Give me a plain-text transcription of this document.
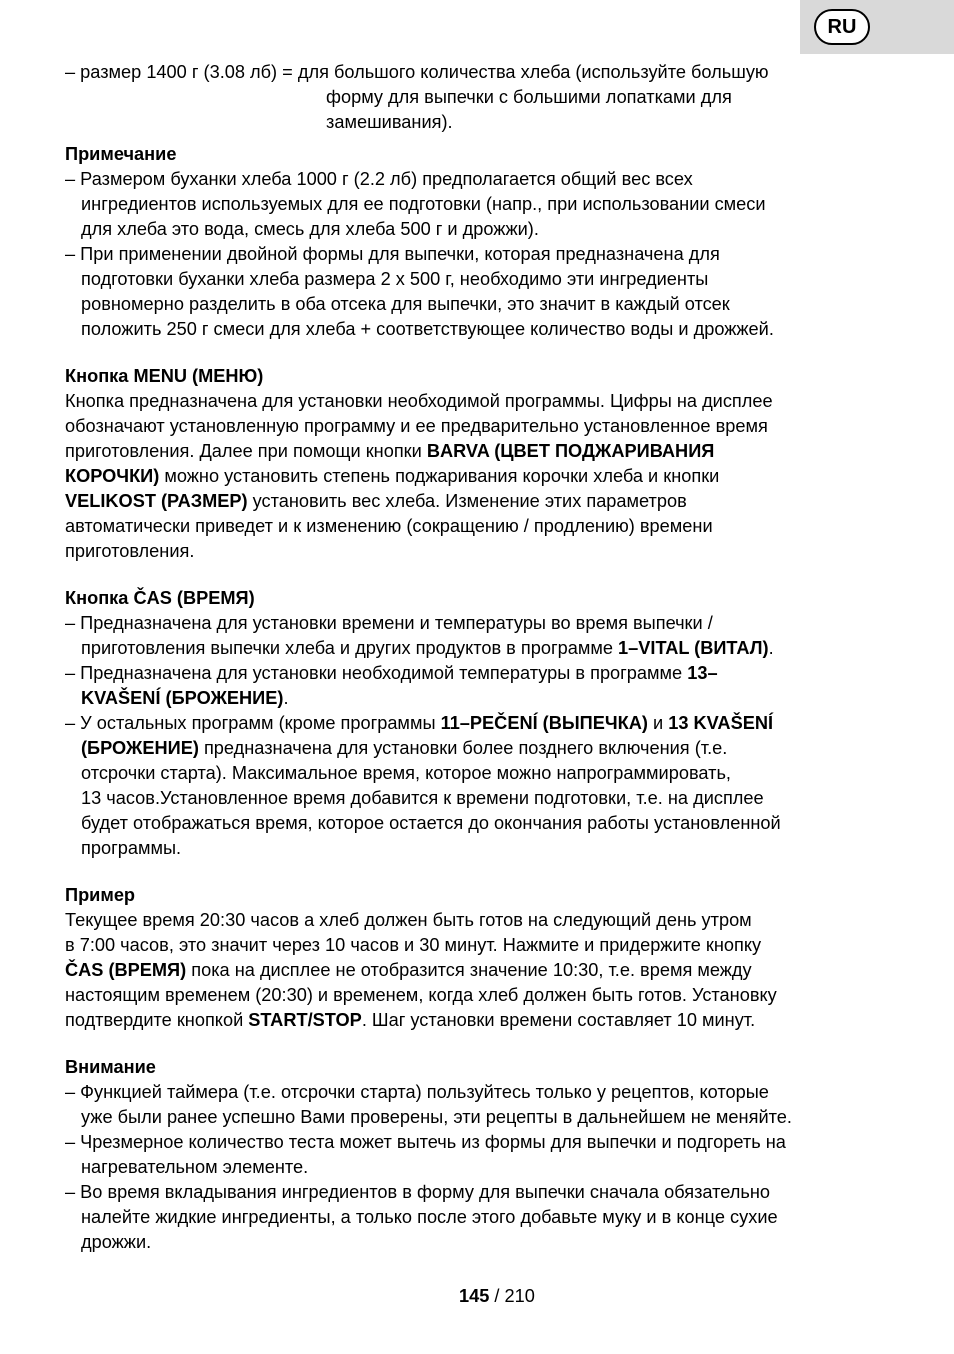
RU
– размер 1400 г (3.08 лб) = для большого количества хлеба (используйте большую
форму для выпечки с большими лопатками для
замешивания).
Примечание
– Размером буханки хлеба 1000 г (2.2 лб) предполагается общий вес всех
ингредиентов используемых для ее подготовки (напр., при использовании смеси
для хлеба это вода, смесь для хлеба 500 г и дрожжи).
– При применении двойной формы для выпечки, которая предназначена для
подготовки буханки хлеба размера 2 x 500 г, необходимо эти ингредиенты
ровномерно разделить в оба отсека для выпечки, это значит в каждый отсек
положить 250 г смеси для хлеба + соответствующее количество воды и дрожжей.
Кнопка MENU (МЕНЮ)
Кнопка предназначена для установки необходимой программы. Цифры на дисплее
обозначают установленную программу и ее предварительно установленное время
приготовления. Далее при помощи кнопки BARVA (ЦВЕТ ПОДЖАРИВАНИЯ
КОРОЧКИ) можно установить степень поджаривания корочки хлеба и кнопки
VELIKOST (РАЗМЕР) установить вес хлеба. Изменение этих параметров
автоматически приведет и к изменению (сокращению / продлению) времени
приготовления.
Кнопка ČAS (ВРЕМЯ)
– Предназначена для установки времени и температуры во время выпечки /
приготовления выпечки хлеба и других продуктов в программе 1–VITAL (ВИТАЛ).
– Предназначена для установки необходимой температуры в программе 13–
KVAŠENÍ (БРОЖЕНИЕ).
– У остальных программ (кроме программы 11–PEČENÍ (ВЫПЕЧКА) и 13 KVAŠENÍ
(БРОЖЕНИЕ) предназначена для установки более позднего включения (т.е.
отсрочки старта). Максимальное время, которое можно напрограммировать,
13 часов.Установленное время добавится к времени подготовки, т.е. на дисплее
будет отображаться время, которое остается до окончания работы установленной
программы.
Пример
Текущее время 20:30 часов а хлеб должен быть готов на следующий день утром
в 7:00 часов, это значит через 10 часов и 30 минут. Нажмите и придержите кнопку
ČAS (ВРЕМЯ) пока на дисплее не отобразится значение 10:30, т.е. время между
настоящим временем (20:30) и временем, когда хлеб должен быть готов. Установку
подтвердите кнопкой START/STOP. Шаг установки времени составляет 10 минут.
Внимание
– Функцией таймера (т.е. отсрочки старта) пользуйтесь только у рецептов, которые
уже были ранее успешно Вами проверены, эти рецепты в дальнейшем не меняйте.
– Чрезмерное количество теста может вытечь из формы для выпечки и подгореть на
нагревательном элементе.
– Во время вкладывания ингредиентов в форму для выпечки сначала обязательно
налейте жидкие ингредиенты, а только после этого добавьте муку и в конце сухие
дрожжи.
145 / 210
